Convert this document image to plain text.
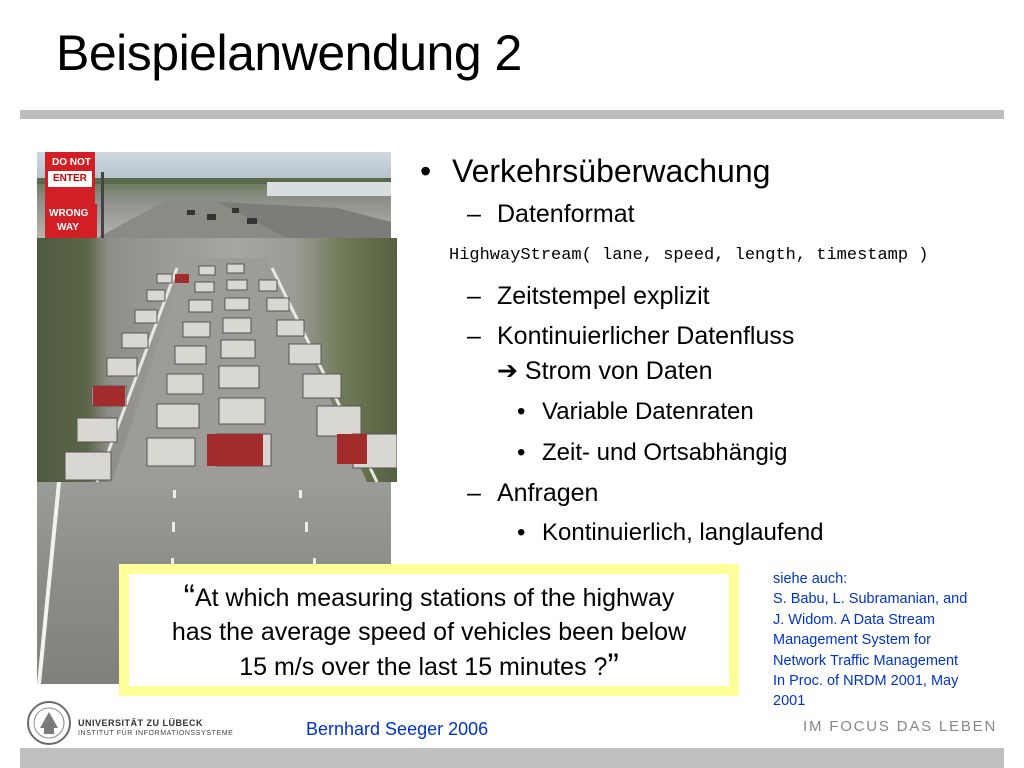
Beispielanwendung 2
DO NOT
ENTER
WRONG
WAY
• Verkehrsüberwachung
– Datenformat
HighwayStream( lane, speed, length, timestamp )
– Zeitstempel explizit
– Kontinuierlicher Datenfluss
➔ Strom von Daten
• Variable Datenraten
• Zeit- und Ortsabhängig
– Anfragen
• Kontinuierlich, langlaufend
“At which measuring stations of the highway
has the average speed of vehicles been below
15 m/s over the last 15 minutes ?”
siehe auch:
S. Babu, L. Subramanian, and
J. Widom. A Data Stream
Management System for
Network Traffic Management
In Proc. of NRDM 2001, May
2001
UNIVERSITÄT ZU LÜBECK
INSTITUT FÜR INFORMATIONSSYSTEME	Bernhard Seeger 2006	IM FOCUS DAS LEBEN
